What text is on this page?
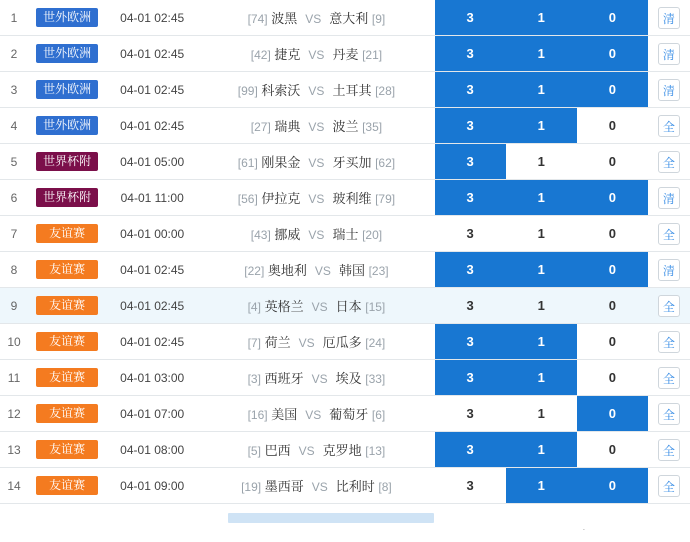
1	世外欧洲	04-01 02:45	[74] 波黑 VS 意大利 [9]	3	1	0	清
2	世外欧洲	04-01 02:45	[42] 捷克 VS 丹麦 [21]	3	1	0	清
3	世外欧洲	04-01 02:45	[99] 科索沃 VS 土耳其 [28]	3	1	0	清
4	世外欧洲	04-01 02:45	[27] 瑞典 VS 波兰 [35]	3	1	0	全
5	世界杯附	04-01 05:00	[61] 刚果金 VS 牙买加 [62]	3	1	0	全
6	世界杯附	04-01 11:00	[56] 伊拉克 VS 玻利维 [79]	3	1	0	清
7	友谊赛	04-01 00:00	[43] 挪威 VS 瑞士 [20]	3	1	0	全
8	友谊赛	04-01 02:45	[22] 奥地利 VS 韩国 [23]	3	1	0	清
9	友谊赛	04-01 02:45	[4] 英格兰 VS 日本 [15]	3	1	0	全
10	友谊赛	04-01 02:45	[7] 荷兰 VS 厄瓜多 [24]	3	1	0	全
11	友谊赛	04-01 03:00	[3] 西班牙 VS 埃及 [33]	3	1	0	全
12	友谊赛	04-01 07:00	[16] 美国 VS 葡萄牙 [6]	3	1	0	全
13	友谊赛	04-01 08:00	[5] 巴西 VS 克罗地 [13]	3	1	0	全
14	友谊赛	04-01 09:00	[19] 墨西哥 VS 比利时 [8]	3	1	0	全
